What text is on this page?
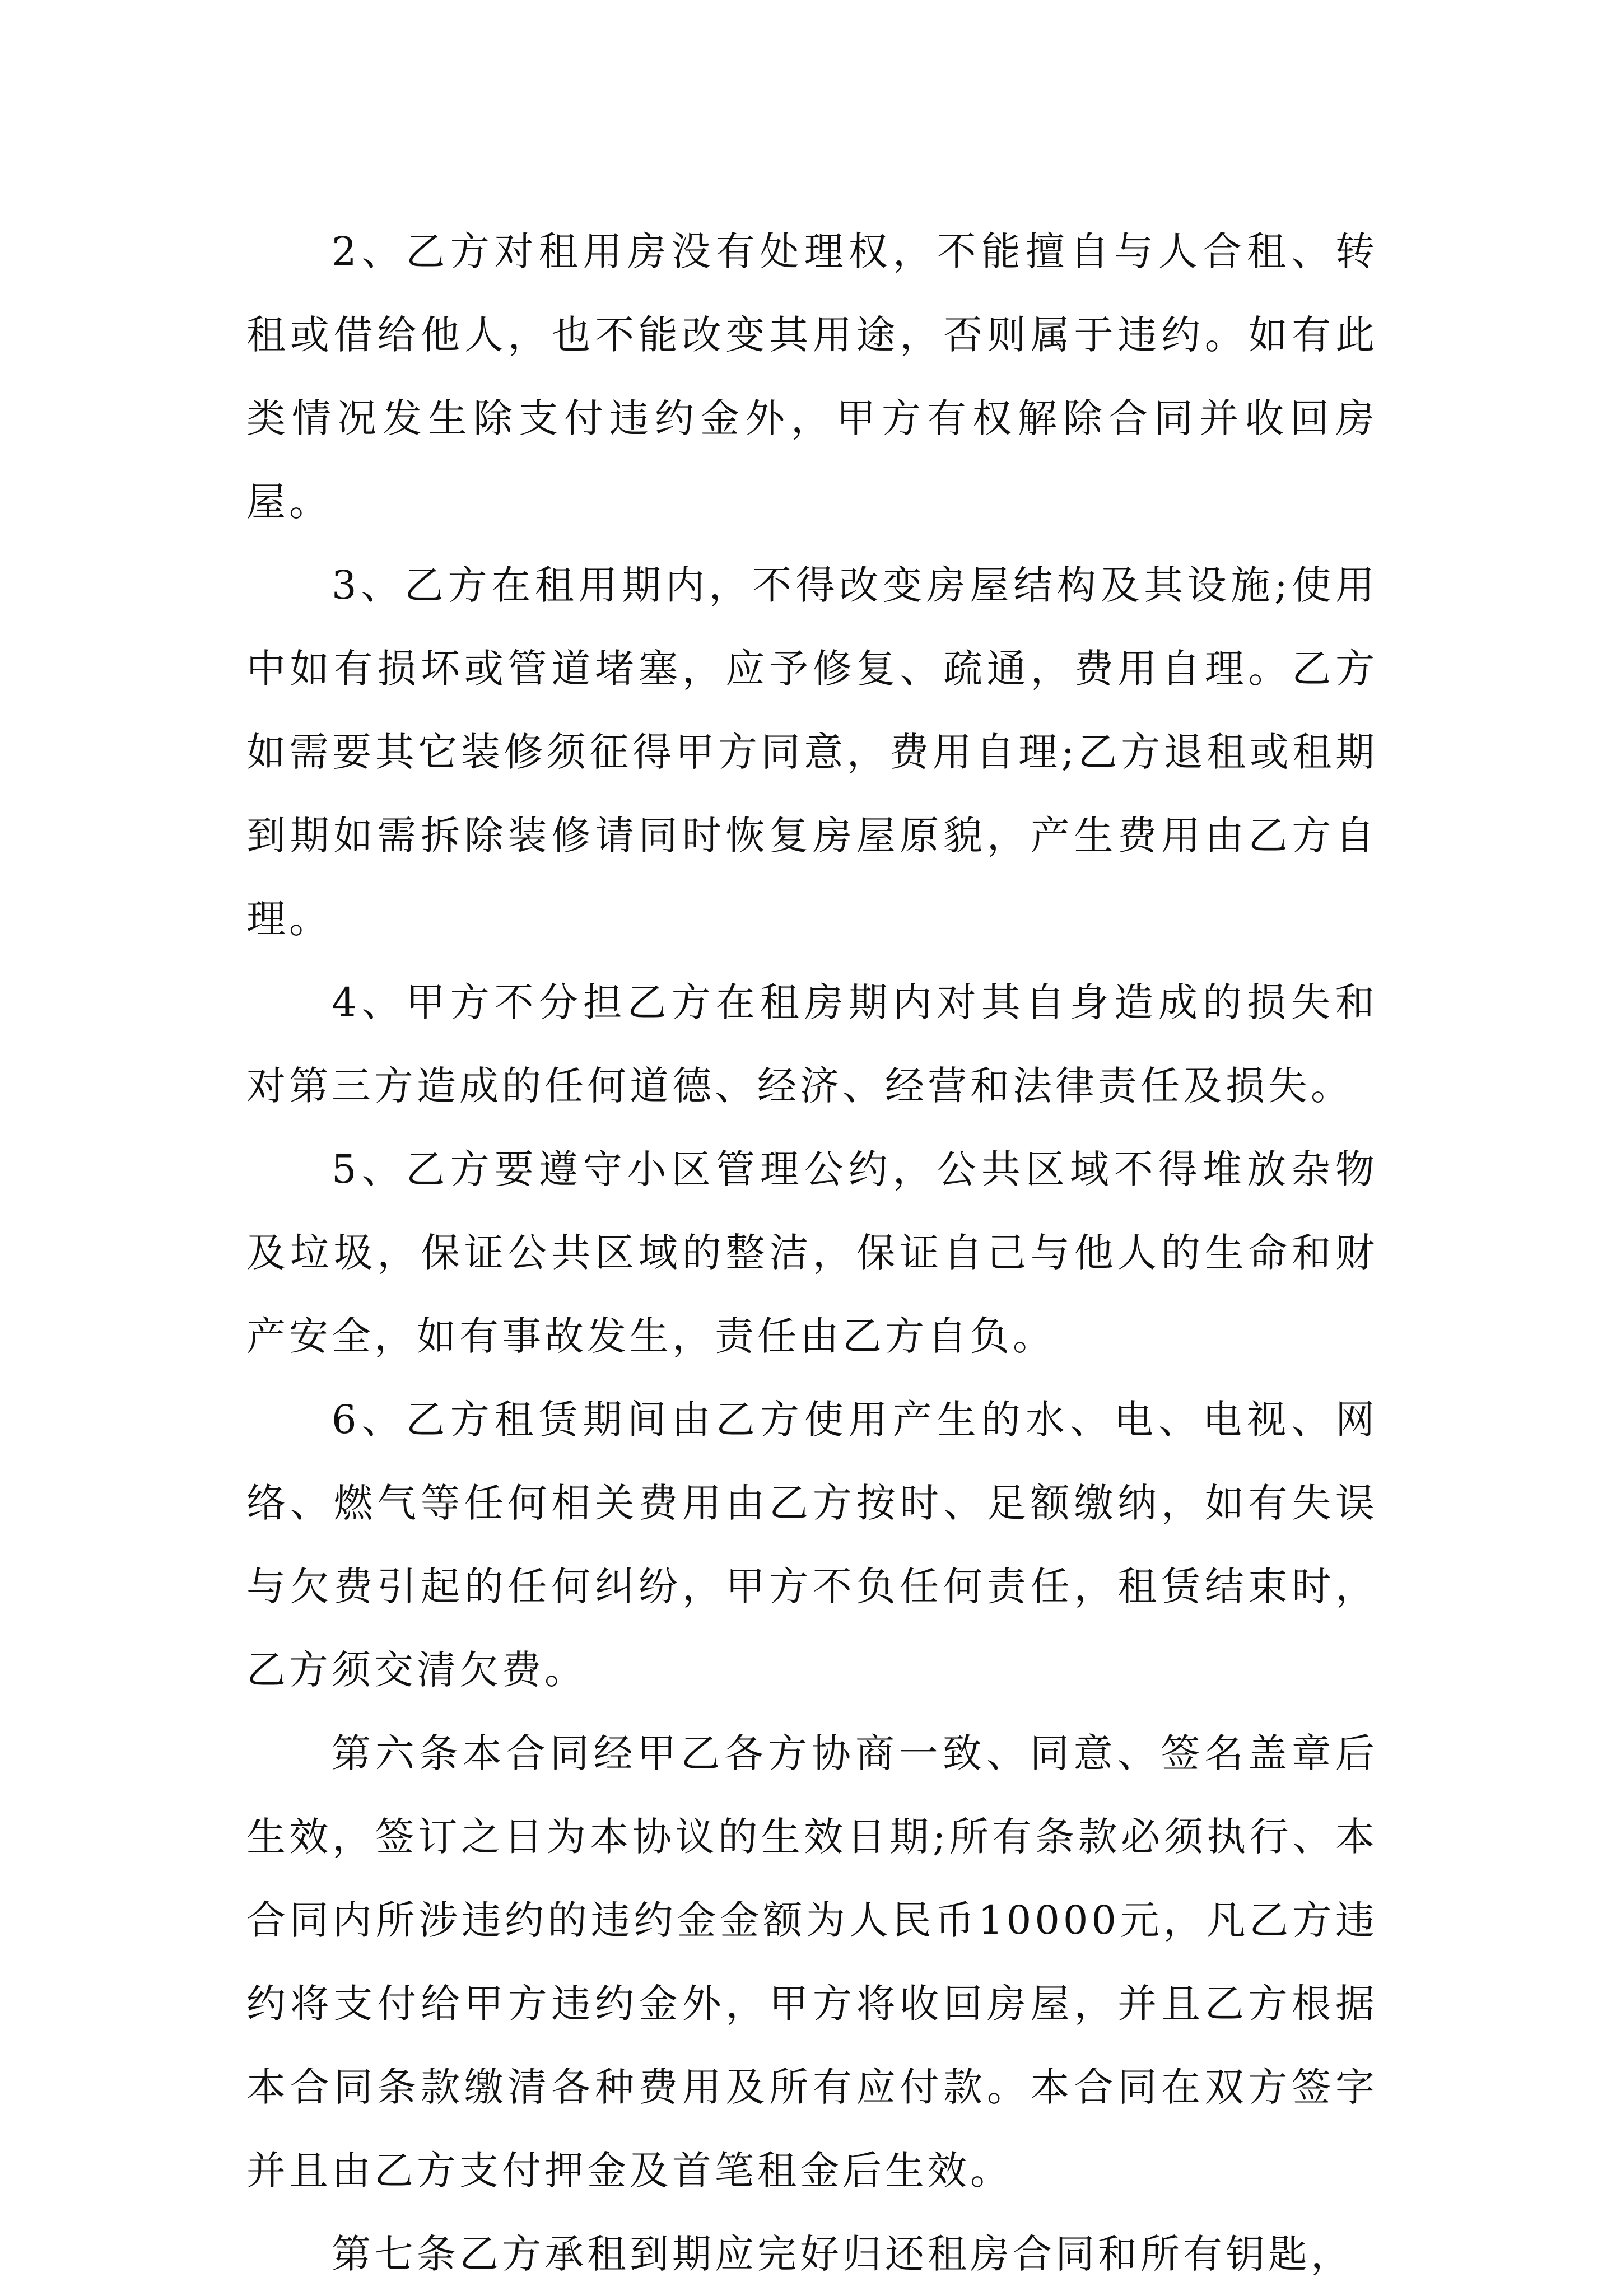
2、乙方对租用房没有处理权，不能擅自与人合租、转租或借给他人，也不能改变其用途，否则属于违约。如有此类情况发生除支付违约金外，甲方有权解除合同并收回房屋。

3、乙方在租用期内，不得改变房屋结构及其设施;使用中如有损坏或管道堵塞，应予修复、疏通，费用自理。乙方如需要其它装修须征得甲方同意，费用自理;乙方退租或租期到期如需拆除装修请同时恢复房屋原貌，产生费用由乙方自理。

4、甲方不分担乙方在租房期内对其自身造成的损失和对第三方造成的任何道德、经济、经营和法律责任及损失。

5、乙方要遵守小区管理公约，公共区域不得堆放杂物及垃圾，保证公共区域的整洁，保证自己与他人的生命和财产安全，如有事故发生，责任由乙方自负。

6、乙方租赁期间由乙方使用产生的水、电、电视、网络、燃气等任何相关费用由乙方按时、足额缴纳，如有失误与欠费引起的任何纠纷，甲方不负任何责任，租赁结束时，乙方须交清欠费。

第六条本合同经甲乙各方协商一致、同意、签名盖章后生效，签订之日为本协议的生效日期;所有条款必须执行、本合同内所涉违约的违约金金额为人民币10000元，凡乙方违约将支付给甲方违约金外，甲方将收回房屋，并且乙方根据本合同条款缴清各种费用及所有应付款。本合同在双方签字并且由乙方支付押金及首笔租金后生效。

第七条乙方承租到期应完好归还租房合同和所有钥匙，
